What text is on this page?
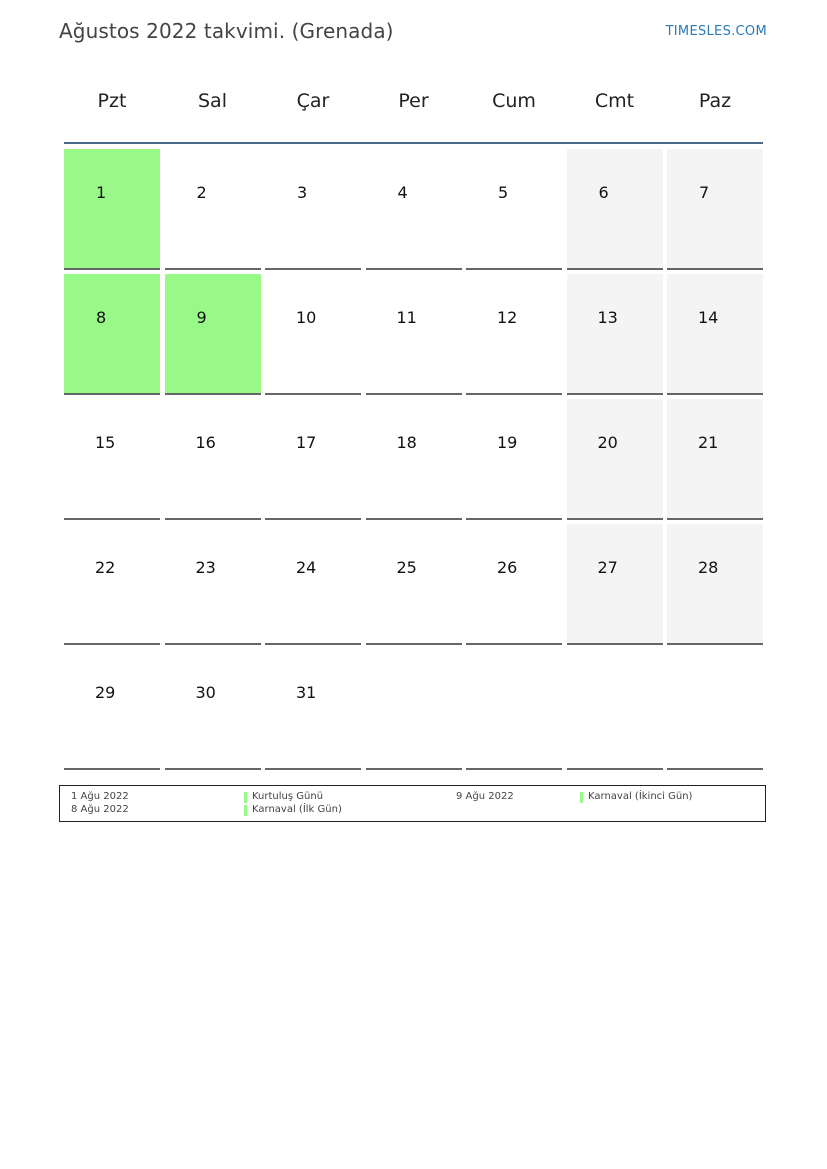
Ağustos 2022 takvimi. (Grenada)	TIMESLES.COM
Pzt	Sal	Çar	Per	Cum	Cmt	Paz
1	2	3	4	5	6	7
8	9	10	11	12	13	14
15	16	17	18	19	20	21
22	23	24	25	26	27	28
29	30	31
1 Ağu 2022	Kurtuluş Günü
8 Ağu 2022	Karnaval (İlk Gün)
9 Ağu 2022	Karnaval (İkinci Gün)
